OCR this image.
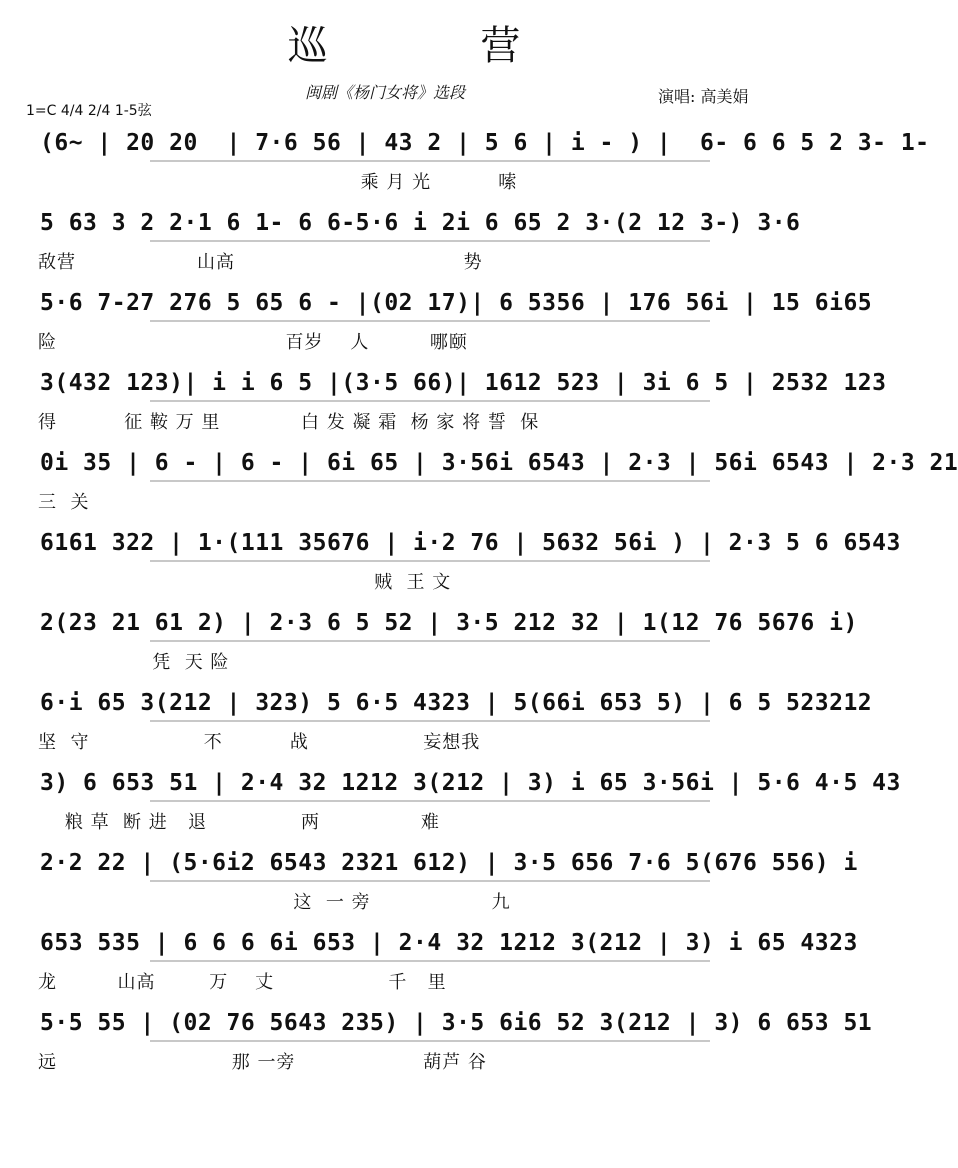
巡 营
闽剧《杨门女将》选段	演唱: 高美娟
1=C 4/4 2/4 1-5弦
(6~ | 20 20  | 7·6 56 | 43 2 | 5 6 | i - ) |  6- 6 6 5 2 3- 1-
乘 月 光          嗦
5 63 3 2 2·1 6 1- 6 6-5·6 i 2i 6 65 2 3·(2 12 3-) 3·6
敌营                  山高                                  势
5·6 7-27 276 5 65 6 - |(02 17)| 6 5356 | 176 56i | 15 6i65
险                                  百岁    人         哪颐
3(432 123)| i i 6 5 |(3·5 66)| 1612 523 | 3i 6 5 | 2532 123
得          征 鞍 万 里            白 发 凝 霜  杨 家 将 誓  保
0i 35 | 6 - | 6 - | 6i 65 | 3·56i 6543 | 2·3 | 56i 6543 | 2·3 21
三  关
6161 322 | 1·(111 35676 | i·2 76 | 5632 56i ) | 2·3 5 6 6543
贼  王 文
2(23 21 61 2) | 2·3 6 5 52 | 3·5 212 32 | 1(12 76 5676 i)
凭  天 险
6·i 65 3(212 | 323) 5 6·5 4323 | 5(66i 653 5) | 6 5 523212
坚  守                 不          战                 妄想我
3) 6 653 51 | 2·4 32 1212 3(212 | 3) i 65 3·56i | 5·6 4·5 43
粮 草  断 进   退              两               难
2·2 22 | (5·6i2 6543 2321 612) | 3·5 656 7·6 5(676 556) i
这  一 旁                  九
653 535 | 6 6 6 6i 653 | 2·4 32 1212 3(212 | 3) i 65 4323
龙         山高        万    丈                 千   里
5·5 55 | (02 76 5643 235) | 3·5 6i6 52 3(212 | 3) 6 653 51
远                          那 一旁                   葫芦 谷
